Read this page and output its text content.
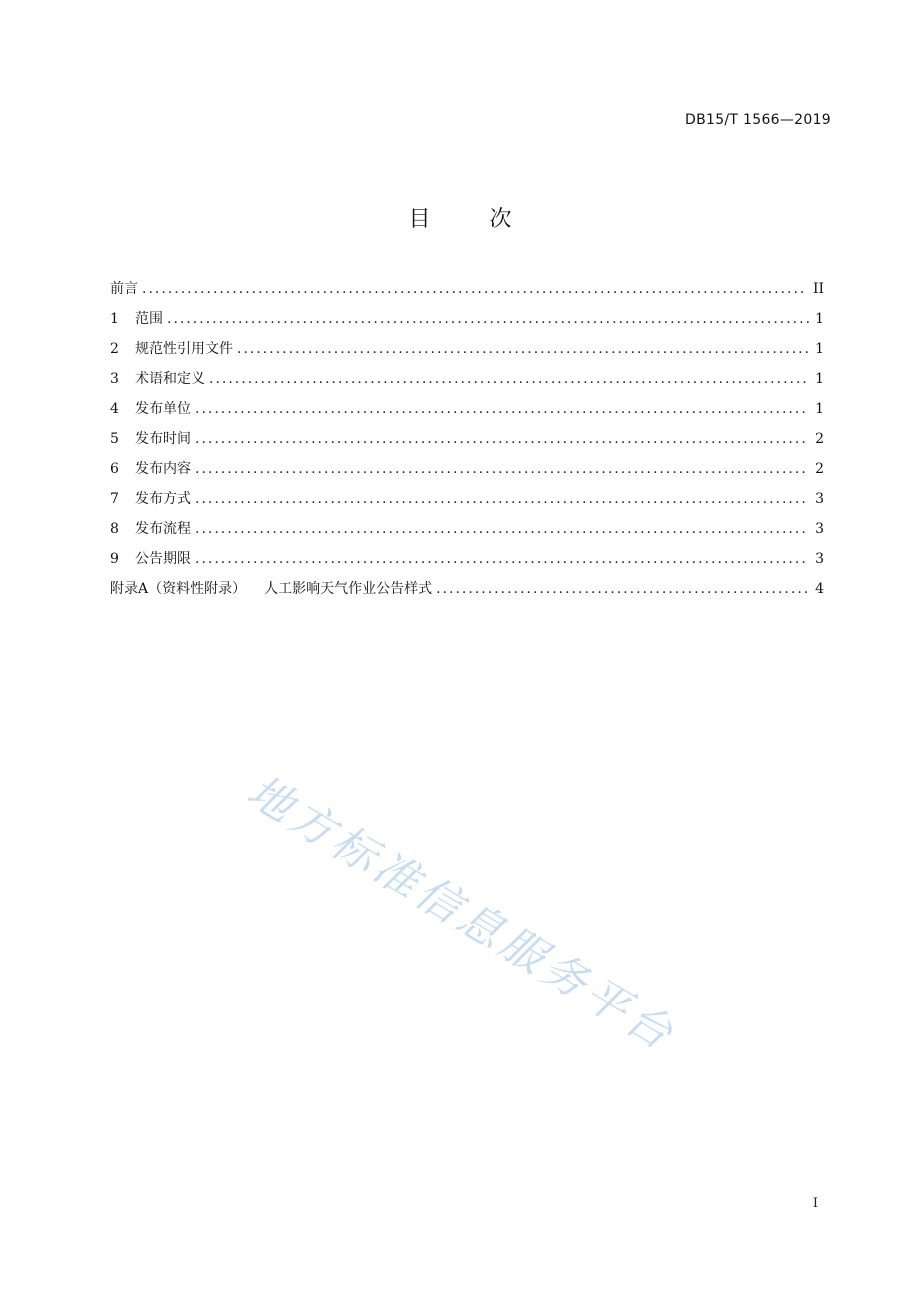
DB15/T 1566—2019
目 次
前言 .....	II
1	范围 .....	1
2	规范性引用文件 .....	1
3	术语和定义 .....	1
4	发布单位 .....	1
5	发布时间 .....	2
6	发布内容 .....	2
7	发布方式 .....	3
8	发布流程 .....	3
9	公告期限 .....	3
附录A（资料性附录） 人工影响天气作业公告样式 .....	4
地方标准信息服务平台
I
